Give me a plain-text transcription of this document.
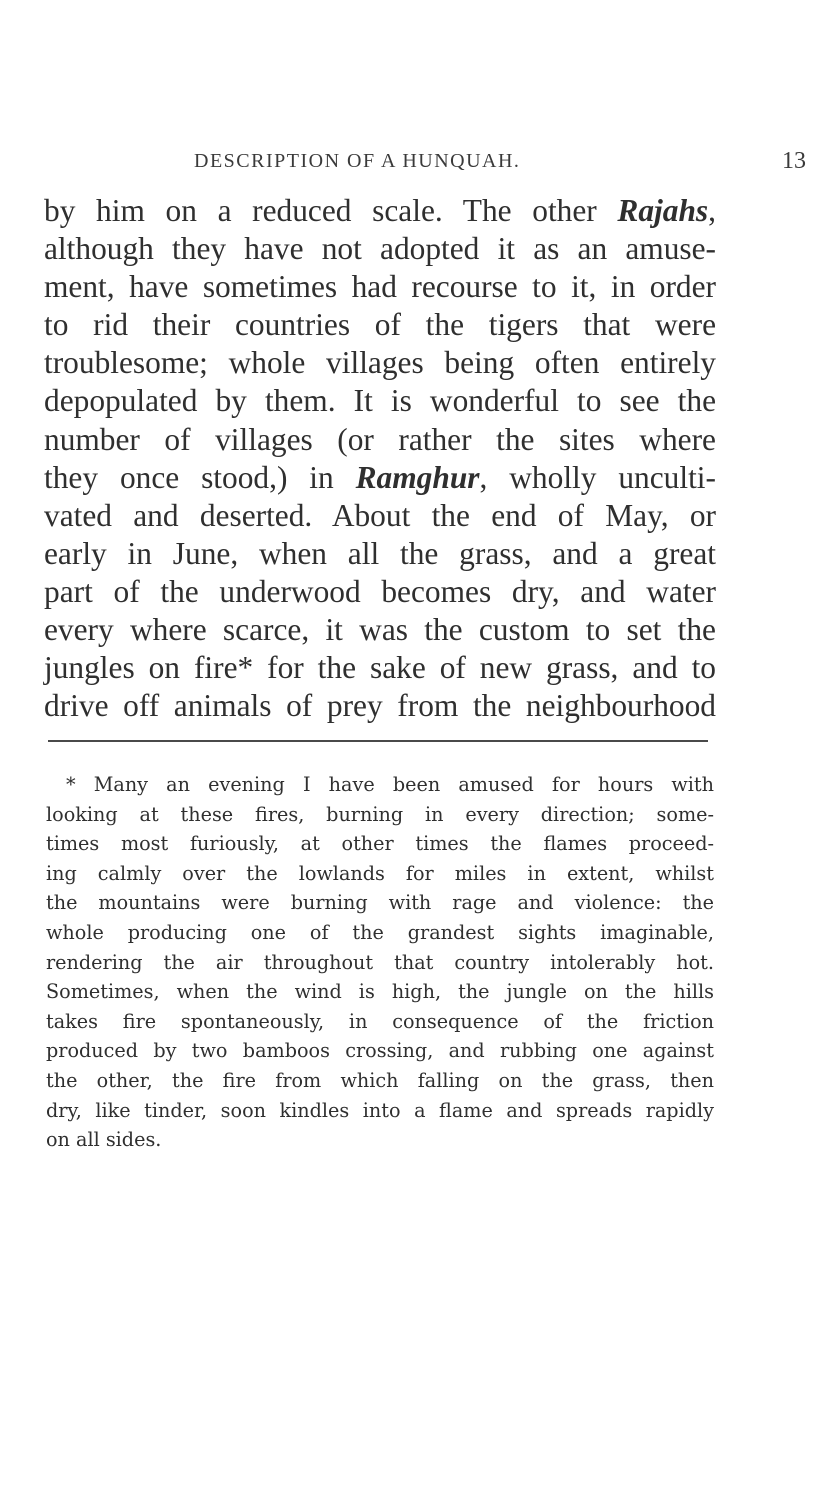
DESCRIPTION OF A HUNQUAH.	13
by him on a reduced scale. The other Rajahs,
although they have not adopted it as an amuse-
ment, have sometimes had recourse to it, in order
to rid their countries of the tigers that were
troublesome; whole villages being often entirely
depopulated by them. It is wonderful to see the
number of villages (or rather the sites where
they once stood,) in Ramghur, wholly unculti-
vated and deserted. About the end of May, or
early in June, when all the grass, and a great
part of the underwood becomes dry, and water
every where scarce, it was the custom to set the
jungles on fire* for the sake of new grass, and to
drive off animals of prey from the neighbourhood
* Many an evening I have been amused for hours with
looking at these fires, burning in every direction; some-
times most furiously, at other times the flames proceed-
ing calmly over the lowlands for miles in extent, whilst
the mountains were burning with rage and violence: the
whole producing one of the grandest sights imaginable,
rendering the air throughout that country intolerably hot.
Sometimes, when the wind is high, the jungle on the hills
takes fire spontaneously, in consequence of the friction
produced by two bamboos crossing, and rubbing one against
the other, the fire from which falling on the grass, then
dry, like tinder, soon kindles into a flame and spreads rapidly
on all sides.
